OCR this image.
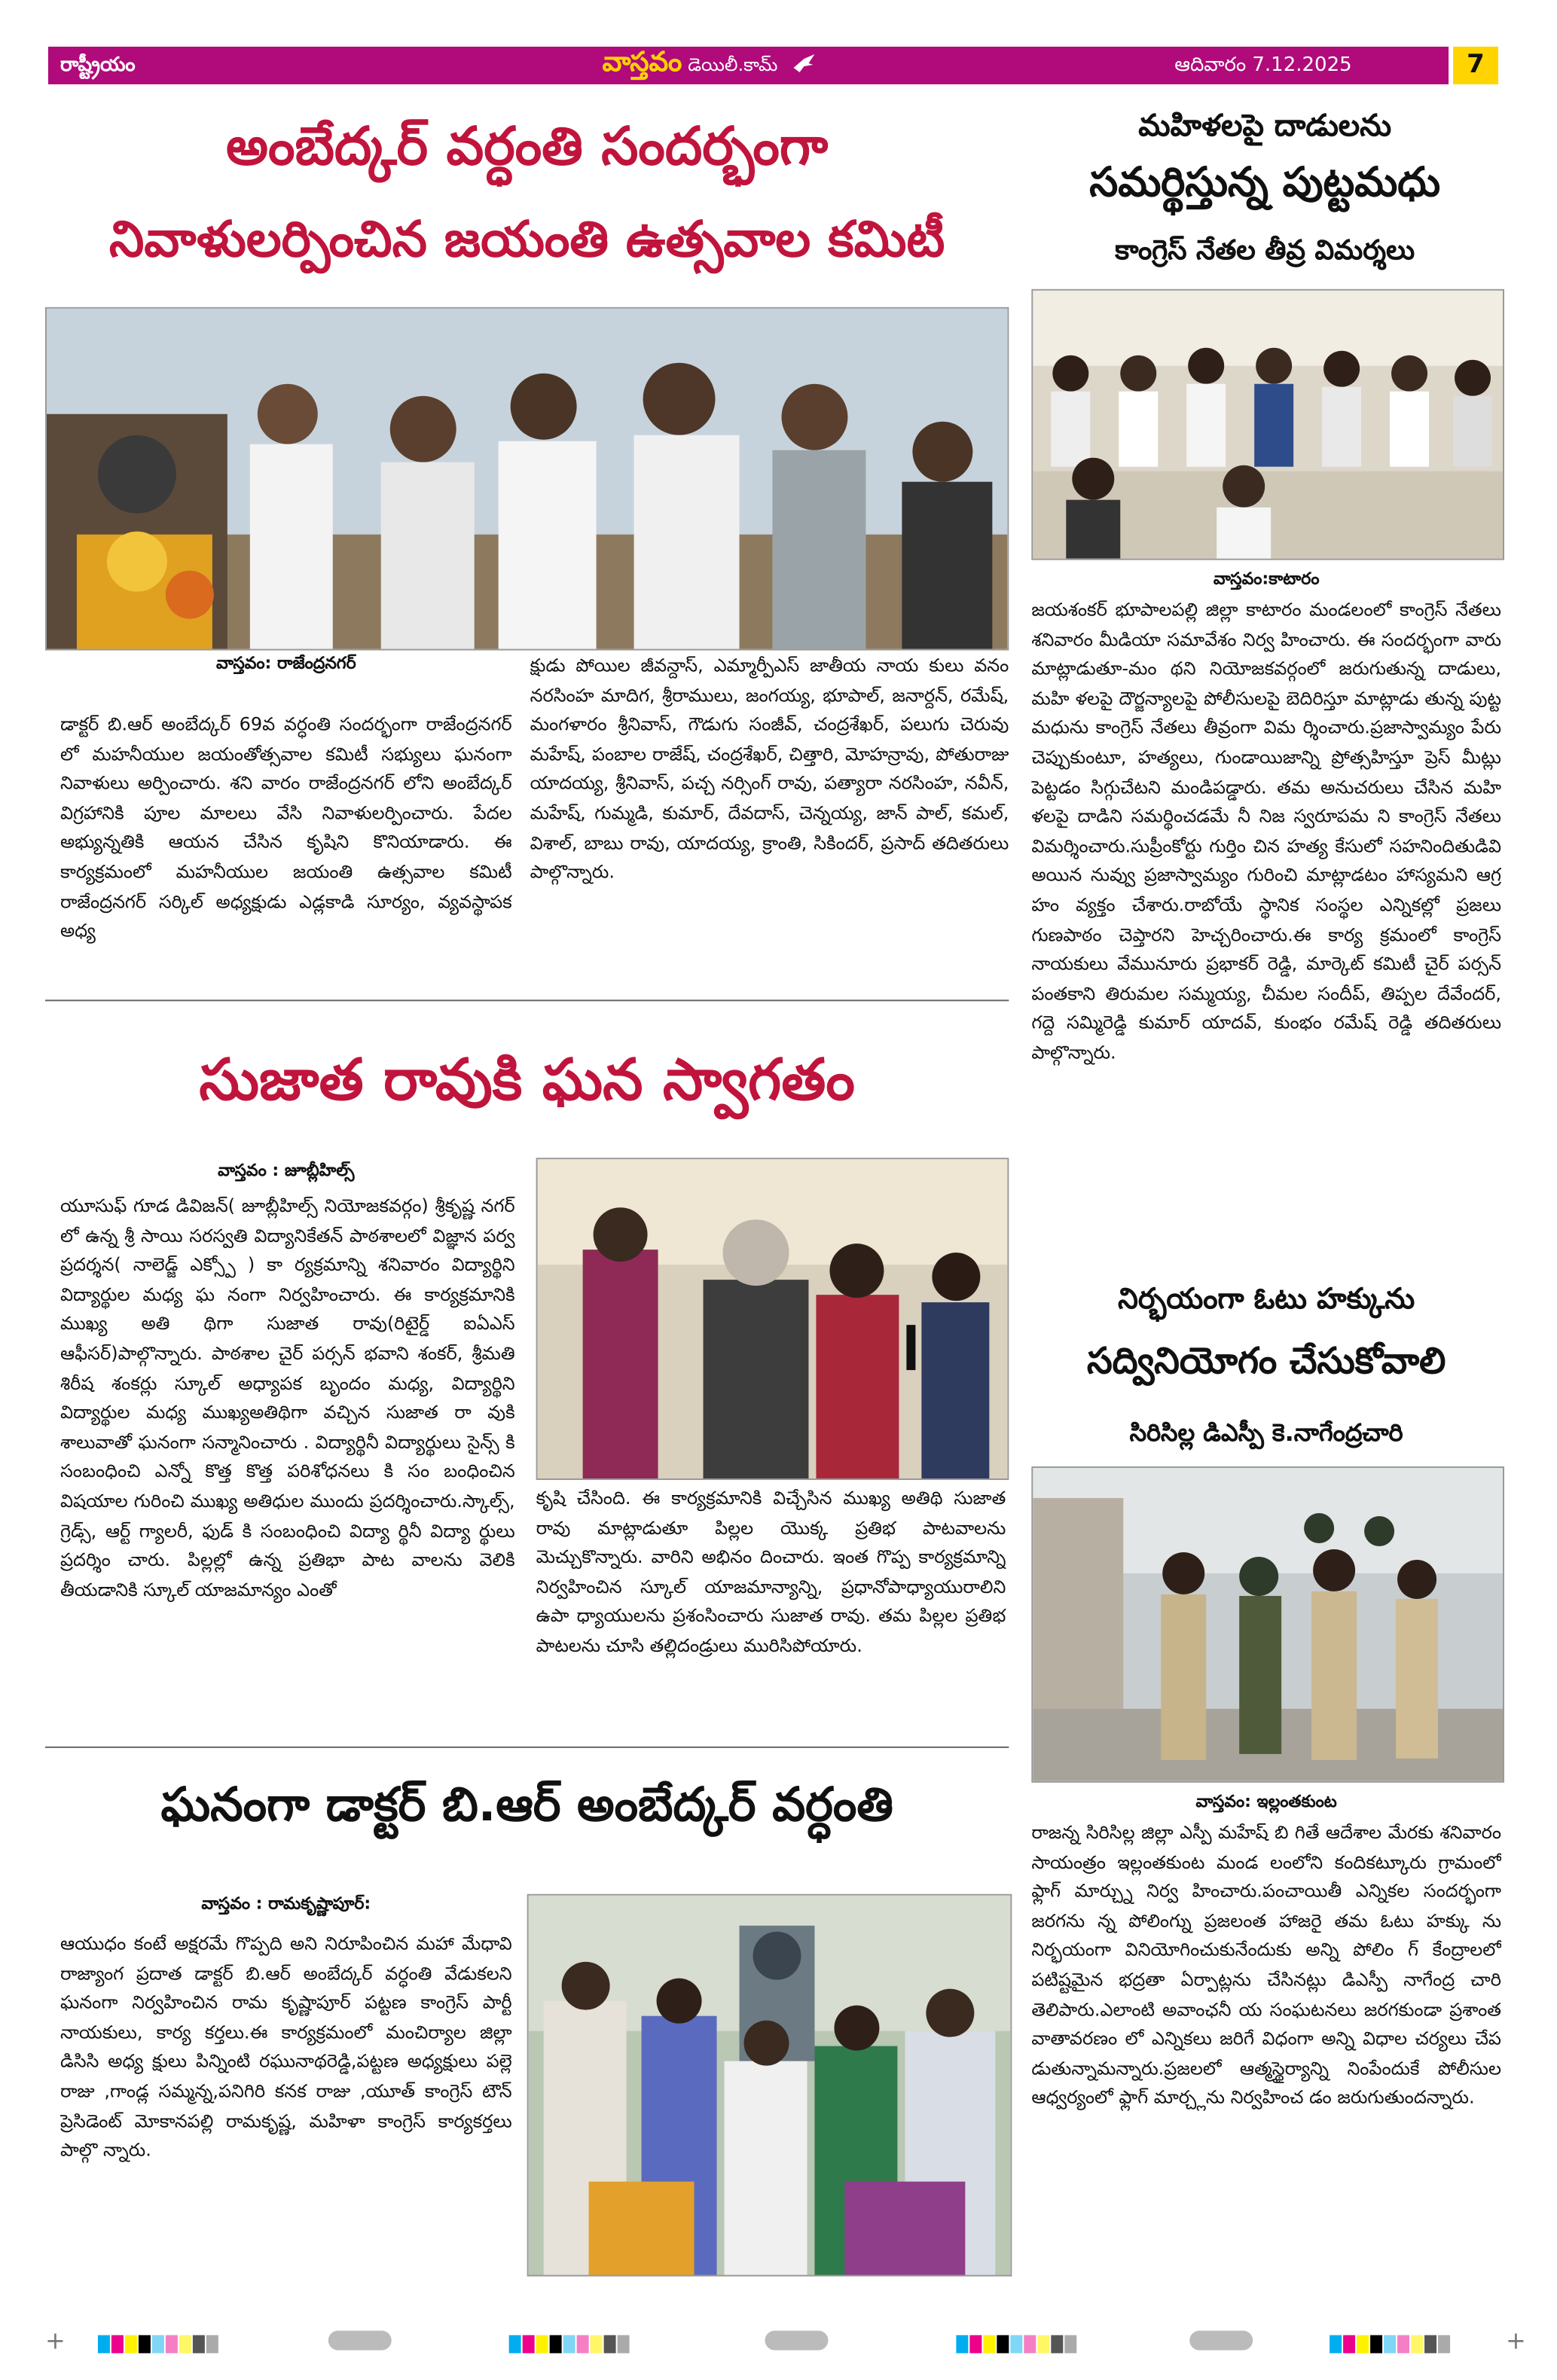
రాష్ట్రీయం	వాస్తవం డెయిలీ.కామ్	ఆదివారం 7.12.2025	7
అంబేద్కర్ వర్ధంతి సందర్భంగా
నివాళులర్పించిన జయంతి ఉత్సవాల కమిటీ
వాస్తవం: రాజేంద్రనగర్

డాక్టర్ బి.ఆర్ అంబేద్కర్ 69వ వర్ధంతి సందర్భంగా రాజేంద్రనగర్ లో మహనీయుల జయంతోత్సవాల కమిటీ సభ్యులు ఘనంగా నివాళులు అర్పించారు. శని వారం రాజేంద్రనగర్ లోని అంబేద్కర్ విగ్రహానికి పూల మాలలు వేసి నివాళులర్పించారు. పేదల అభ్యున్నతికి ఆయన చేసిన కృషిని కొనియాడారు. ఈ కార్యక్రమంలో మహనీయుల జయంతి ఉత్సవాల కమిటీ రాజేంద్రనగర్ సర్కిల్ అధ్యక్షుడు ఎడ్లకాడి సూర్యం, వ్యవస్థాపక అధ్య

క్షుడు పోయిల జీవన్దాస్, ఎమ్మార్పీఎస్ జాతీయ నాయ కులు వనం నరసింహ మాదిగ, శ్రీరాములు, జంగయ్య, భూపాల్, జనార్దన్, రమేష్, మంగళారం శ్రీనివాస్, గౌడుగు సంజీవ్, చంద్రశేఖర్, పలుగు చెరువు మహేష్, పంబాల రాజేష్, చంద్రశేఖర్, చిత్తారి, మోహన్రావు, పోతురాజు యాదయ్య, శ్రీనివాస్, పచ్చ నర్సింగ్ రావు, పత్యారా నరసింహ, నవీన్, మహేష్, గుమ్మడి, కుమార్, దేవదాస్, చెన్నయ్య, జాన్ పాల్, కమల్, విశాల్, బాబు రావు, యాదయ్య, క్రాంతి, సికిందర్, ప్రసాద్ తదితరులు పాల్గొన్నారు.

సుజాత రావుకి ఘన స్వాగతం
వాస్తవం : జూబ్లీహిల్స్

యూసుఫ్ గూడ డివిజన్( జూబ్లీహిల్స్ నియోజకవర్గం) శ్రీకృష్ణ నగర్ లో ఉన్న శ్రీ సాయి సరస్వతి విద్యానికేతన్ పాఠశాలలో విజ్ఞాన పర్వ ప్రదర్శన( నాలెడ్జ్ ఎక్స్పో ) కా ర్యక్రమాన్ని శనివారం విద్యార్థిని విద్యార్థుల మధ్య ఘ నంగా నిర్వహించారు. ఈ కార్యక్రమానికి ముఖ్య అతి థిగా సుజాత రావు(రిటైర్డ్ ఐఏఎస్ ఆఫీసర్)పాల్గొన్నారు. పాఠశాల చైర్ పర్సన్ భవాని శంకర్, శ్రీమతి శిరీష శంకర్లు స్కూల్ అధ్యాపక బృందం మధ్య, విద్యార్థిని విద్యార్థుల మధ్య ముఖ్యఅతిథిగా వచ్చిన సుజాత రా వుకి శాలువాతో ఘనంగా సన్మానించారు . విద్యార్థినీ విద్యార్థులు సైన్స్ కి సంబంధించి ఎన్నో కొత్త కొత్త పరిశోధనలు కి సం బంధించిన విషయాల గురించి ముఖ్య అతిధుల ముందు ప్రదర్శించారు.స్కాల్స్, గ్రెడ్స్, ఆర్ట్ గ్యాలరీ, ఫుడ్ కి సంబంధించి విద్యా ర్థినీ విద్యా ర్థులు ప్రదర్శిం చారు. పిల్లల్లో ఉన్న ప్రతిభా పాట వాలను వెలికి తీయడానికి స్కూల్ యాజమాన్యం ఎంతో

కృషి చేసింది. ఈ కార్యక్రమానికి విచ్చేసిన ముఖ్య అతిథి సుజాత రావు మాట్లాడుతూ పిల్లల యొక్క ప్రతిభ పాటవాలను మెచ్చుకొన్నారు. వారిని అభినం దించారు. ఇంత గొప్ప కార్యక్రమాన్ని నిర్వహించిన స్కూల్ యాజమాన్యాన్ని, ప్రధానోపాధ్యాయురాలిని ఉపా ధ్యాయులను ప్రశంసించారు సుజాత రావు. తమ పిల్లల ప్రతిభ పాటలను చూసి తల్లిదండ్రులు మురిసిపోయారు.

ఘనంగా డాక్టర్ బి.ఆర్ అంబేద్కర్ వర్ధంతి
వాస్తవం : రామకృష్ణాపూర్:

ఆయుధం కంటే అక్షరమే గొప్పది అని నిరూపించిన మహా మేధావి రాజ్యాంగ ప్రదాత డాక్టర్ బి.ఆర్ అంబేద్కర్ వర్ధంతి వేడుకలని ఘనంగా నిర్వహించిన రామ కృష్ణాపూర్ పట్టణ కాంగ్రెస్ పార్టీ నాయకులు, కార్య కర్తలు.ఈ కార్యక్రమంలో మంచిర్యాల జిల్లా డిసిసి అధ్య క్షులు పిన్నింటి రఘునాథరెడ్డి,పట్టణ అధ్యక్షులు పల్లె రాజు ,గాండ్ల సమ్మన్న,పనిగిరి కనక రాజు ,యూత్ కాంగ్రెస్ టౌన్ ప్రెసిడెంట్ మోకానపల్లి రామకృష్ణ, మహిళా కాంగ్రెస్ కార్యకర్తలు పాల్గొ న్నారు.

మహిళలపై దాడులను
సమర్థిస్తున్న పుట్టమధు
కాంగ్రెస్ నేతల తీవ్ర విమర్శలు
వాస్తవం:కాటారం

జయశంకర్ భూపాలపల్లి జిల్లా కాటారం మండలంలో కాంగ్రెస్ నేతలు శనివారం మీడియా సమావేశం నిర్వ హించారు. ఈ సందర్భంగా వారు మాట్లాడుతూ-మం థని నియోజకవర్గంలో జరుగుతున్న దాడులు, మహి ళలపై దౌర్జన్యాలపై పోలీసులపై బెదిరిస్తూ మాట్లాడు తున్న పుట్ట మధును కాంగ్రెస్ నేతలు తీవ్రంగా విమ ర్శించారు.ప్రజాస్వామ్యం పేరు చెప్పుకుంటూ, హత్యలు, గుండాయిజాన్ని ప్రోత్సహిస్తూ ప్రెస్ మీట్లు పెట్టడం సిగ్గుచేటని మండిపడ్డారు. తమ అనుచరులు చేసిన మహి ళలపై దాడిని సమర్థించడమే నీ నిజ స్వరూపమ ని కాంగ్రెస్ నేతలు విమర్శించారు.సుప్రీంకోర్టు గుర్తిం చిన హత్య కేసులో సహనిందితుడివి అయిన నువ్వు ప్రజాస్వామ్యం గురించి మాట్లాడటం హాస్యమని ఆగ్ర హం వ్యక్తం చేశారు.రాబోయే స్థానిక సంస్థల ఎన్నికల్లో ప్రజలు గుణపాఠం చెప్తారని హెచ్చరించారు.ఈ కార్య క్రమంలో కాంగ్రెస్ నాయకులు వేమునూరు ప్రభాకర్ రెడ్డి, మార్కెట్ కమిటీ చైర్ పర్సన్ పంతకాని తిరుమల సమ్మయ్య, చీమల సందీప్, తిప్పల దేవేందర్, గద్దె సమ్మిరెడ్డి కుమార్ యాదవ్, కుంభం రమేష్ రెడ్డి తదితరులు పాల్గొన్నారు.

నిర్భయంగా ఓటు హక్కును
సద్వినియోగం చేసుకోవాలి
సిరిసిల్ల డిఎస్పీ కె.నాగేంద్రచారి
వాస్తవం: ఇల్లంతకుంట

రాజన్న సిరిసిల్ల జిల్లా ఎస్పీ మహేష్ బి గితే ఆదేశాల మేరకు శనివారం సాయంత్రం ఇల్లంతకుంట మండ లంలోని కందికట్కూరు గ్రామంలో ఫ్లాగ్ మార్చ్ను నిర్వ హించారు.పంచాయితీ ఎన్నికల సందర్భంగా జరగను న్న పోలింగ్ను ప్రజలంత హాజరై తమ ఓటు హక్కు ను నిర్భయంగా వినియోగించుకునేందుకు అన్ని పోలిం గ్ కేంద్రాలలో పటిష్టమైన భద్రతా ఏర్పాట్లను చేసినట్లు డిఎస్పీ నాగేంద్ర చారి తెలిపారు.ఎలాంటి అవాంఛనీ య సంఘటనలు జరగకుండా ప్రశాంత వాతావరణం లో ఎన్నికలు జరిగే విధంగా అన్ని విధాల చర్యలు చేప డుతున్నామన్నారు.ప్రజలలో ఆత్మస్థైర్యాన్ని నింపేందుకే పోలీసుల ఆధ్వర్యంలో ఫ్లాగ్ మార్చ్లను నిర్వహించ డం జరుగుతుందన్నారు.

+	+
